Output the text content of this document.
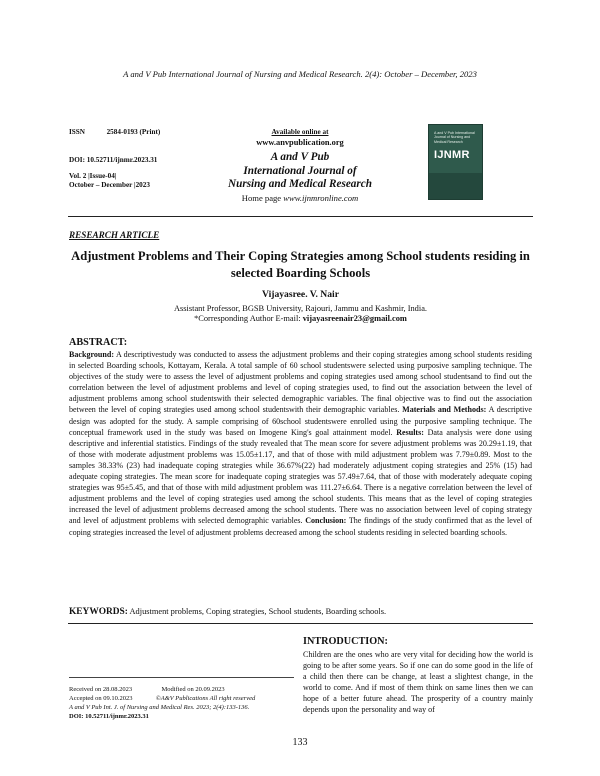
A and V Pub International Journal of Nursing and Medical Research. 2(4): October – December, 2023
ISSN	2584-0193 (Print)
DOI: 10.52711/ijnmr.2023.31
Vol. 2 |Issue-04|
October – December |2023
Available online at
www.anvpublication.org
A and V Pub
International Journal of
Nursing and Medical Research
Home page www.ijnmronline.com
A and V Pub International Journal of Nursing and Medical Research
IJNMR
RESEARCH ARTICLE
Adjustment Problems and Their Coping Strategies among School students residing in selected Boarding Schools
Vijayasree. V. Nair
Assistant Professor, BGSB University, Rajouri, Jammu and Kashmir, India.
*Corresponding Author E-mail: vijayasreenair23@gmail.com
ABSTRACT:
Background: A descriptivestudy was conducted to assess the adjustment problems and their coping strategies among school students residing in selected Boarding schools, Kottayam, Kerala. A total sample of 60 school studentswere selected using purposive sampling technique. The objectives of the study were to assess the level of adjustment problems and coping strategies used among school studentsand to find out the correlation between the level of adjustment problems and level of coping strategies used, to find out the association between the level of adjustment problems among school studentswith their selected demographic variables. The final objective was to find out the association between the level of coping strategies used among school studentswith their demographic variables. Materials and Methods: A descriptive design was adopted for the study. A sample comprising of 60school studentswere enrolled using the purposive sampling technique. The conceptual framework used in the study was based on Imogene King's goal attainment model. Results: Data analysis were done using descriptive and inferential statistics. Findings of the study revealed that The mean score for severe adjustment problems was 20.29±1.19, that of those with moderate adjustment problems was 15.05±1.17, and that of those with mild adjustment problem was 7.79±0.89. Most to the samples 38.33% (23) had inadequate coping strategies while 36.67%(22) had moderately adjustment coping strategies and 25% (15) had adequate coping strategies. The mean score for inadequate coping strategies was 57.49±7.64, that of those with moderately adequate coping strategies was 95±5.45, and that of those with mild adjustment problem was 111.27±6.64. There is a negative correlation between the level of adjustment problems and the level of coping strategies used among the school students. This means that as the level of coping strategies increased the level of adjustment problems decreased among the school students. There was no association between level of coping strategy and level of adjustment problems with selected demographic variables. Conclusion: The findings of the study confirmed that as the level of coping strategies increased the level of adjustment problems decreased among the school students residing in selected boarding schools.
KEYWORDS: Adjustment problems, Coping strategies, School students, Boarding schools.
INTRODUCTION:
Children are the ones who are very vital for deciding how the world is going to be after some years. So if one can do some good in the life of a child then there can be change, at least a slightest change, in the world to come. And if most of them think on same lines then we can hope of a better future ahead. The prosperity of a country mainly depends upon the personality and way of
Received on 28.08.2023	Modified on 20.09.2023
Accepted on 09.10.2023	©A&V Publications All right reserved
A and V Pub Int. J. of Nursing and Medical Res. 2023; 2(4):133-136.
DOI: 10.52711/ijnmr.2023.31
133
